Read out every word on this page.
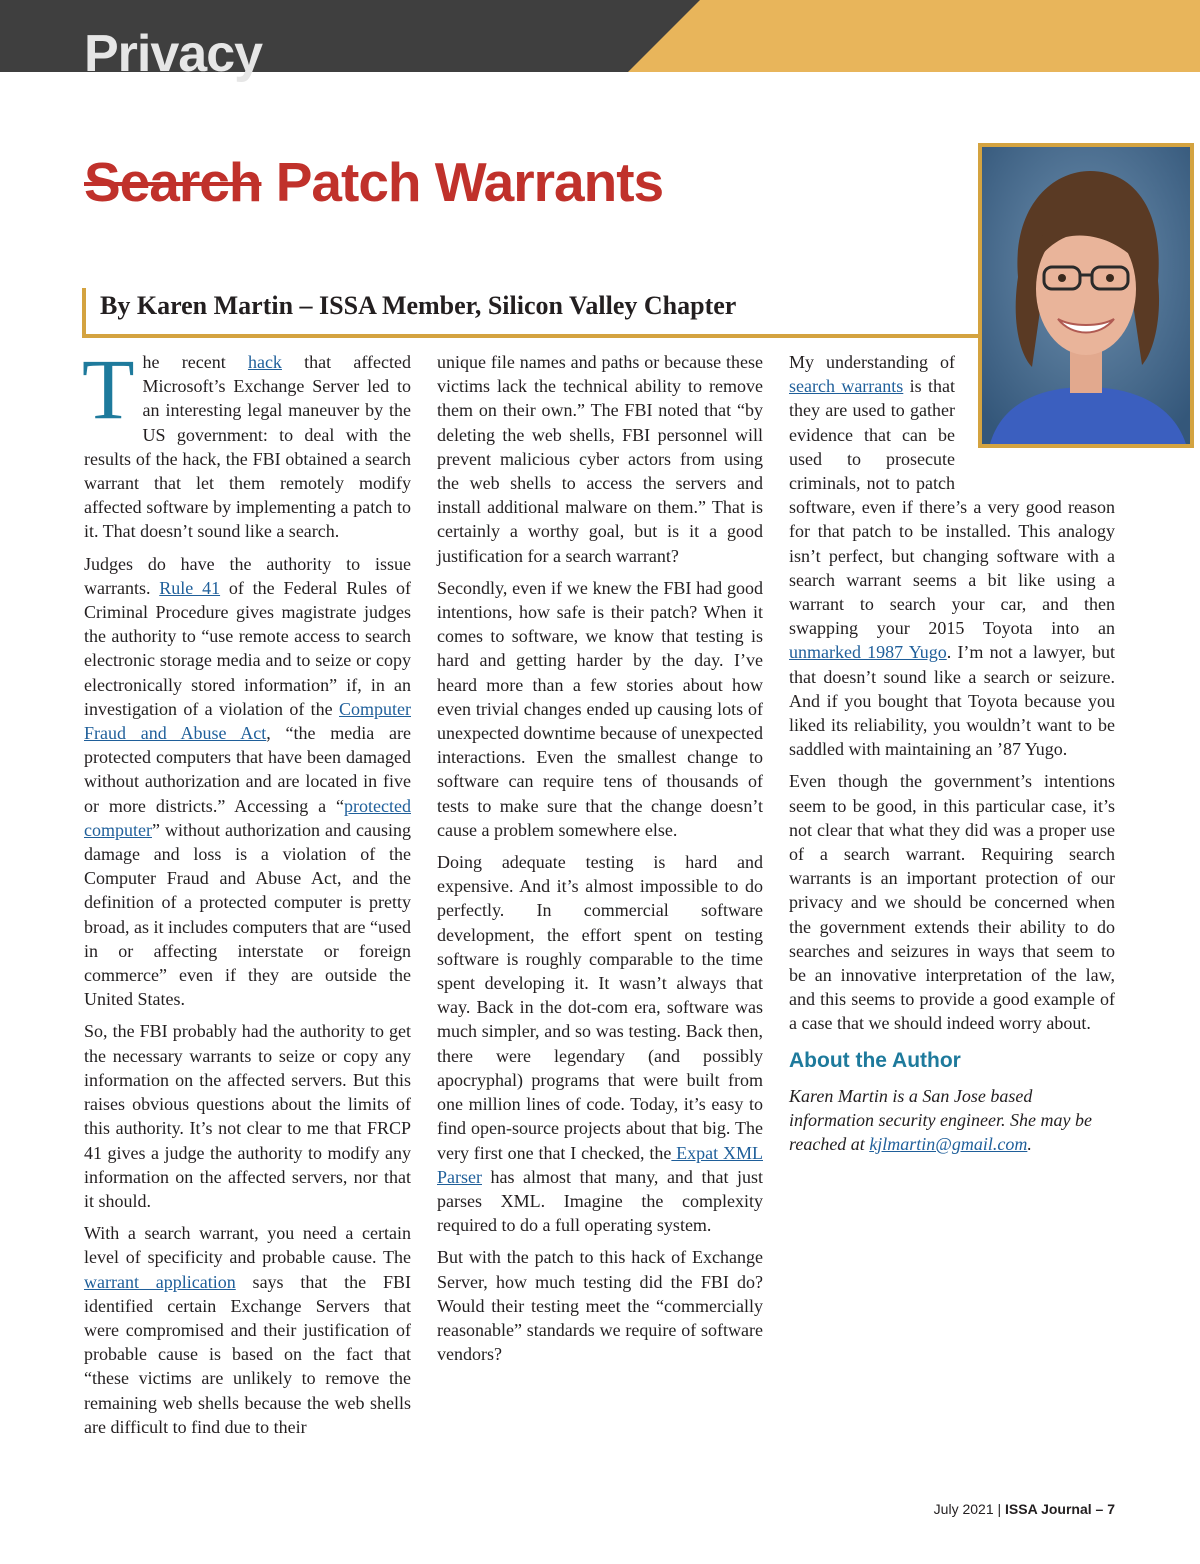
Privacy
Search Patch Warrants

By Karen Martin – ISSA Member, Silicon Valley Chapter

The recent hack that affected Microsoft’s Exchange Server led to an interesting legal maneuver by the US government: to deal with the results of the hack, the FBI obtained a search warrant that let them remotely modify affected software by implementing a patch to it. That doesn’t sound like a search.

Judges do have the authority to issue warrants. Rule 41 of the Federal Rules of Criminal Procedure gives magistrate judges the authority to “use remote access to search electronic storage media and to seize or copy electronically stored information” if, in an investigation of a violation of the Computer Fraud and Abuse Act, “the media are protected computers that have been damaged without authorization and are located in five or more districts.” Accessing a “protected computer” without authorization and causing damage and loss is a violation of the Computer Fraud and Abuse Act, and the definition of a protected computer is pretty broad, as it includes computers that are “used in or affecting interstate or foreign commerce” even if they are outside the United States.

So, the FBI probably had the authority to get the necessary warrants to seize or copy any information on the affected servers. But this raises obvious questions about the limits of this authority. It’s not clear to me that FRCP 41 gives a judge the authority to modify any information on the affected servers, nor that it should.

With a search warrant, you need a certain level of specificity and probable cause. The warrant application says that the FBI identified certain Exchange Servers that were compromised and their justification of probable cause is based on the fact that “these victims are unlikely to remove the remaining web shells because the web shells are difficult to find due to their

unique file names and paths or because these victims lack the technical ability to remove them on their own.” The FBI noted that “by deleting the web shells, FBI personnel will prevent malicious cyber actors from using the web shells to access the servers and install additional malware on them.” That is certainly a worthy goal, but is it a good justification for a search warrant?

Secondly, even if we knew the FBI had good intentions, how safe is their patch? When it comes to software, we know that testing is hard and getting harder by the day. I’ve heard more than a few stories about how even trivial changes ended up causing lots of unexpected downtime because of unexpected interactions. Even the smallest change to software can require tens of thousands of tests to make sure that the change doesn’t cause a problem somewhere else.

Doing adequate testing is hard and expensive. And it’s almost impossible to do perfectly. In commercial software development, the effort spent on testing software is roughly comparable to the time spent developing it. It wasn’t always that way. Back in the dot-com era, software was much simpler, and so was testing. Back then, there were legendary (and possibly apocryphal) programs that were built from one million lines of code. Today, it’s easy to find open-source projects about that big. The very first one that I checked, the Expat XML Parser has almost that many, and that just parses XML. Imagine the complexity required to do a full operating system.

But with the patch to this hack of Exchange Server, how much testing did the FBI do? Would their testing meet the “commercially reasonable” standards we require of software vendors?

My understanding of search warrants is that they are used to gather evidence that can be used to prosecute criminals, not to patch software, even if there’s a very good reason for that patch to be installed. This analogy isn’t perfect, but changing software with a search warrant seems a bit like using a warrant to search your car, and then swapping your 2015 Toyota into an unmarked 1987 Yugo. I’m not a lawyer, but that doesn’t sound like a search or seizure. And if you bought that Toyota because you liked its reliability, you wouldn’t want to be saddled with maintaining an ’87 Yugo.

Even though the government’s intentions seem to be good, in this particular case, it’s not clear that what they did was a proper use of a search warrant. Requiring search warrants is an important protection of our privacy and we should be concerned when the government extends their ability to do searches and seizures in ways that seem to be an innovative interpretation of the law, and this seems to provide a good example of a case that we should indeed worry about.

About the Author

Karen Martin is a San Jose based information security engineer. She may be reached at kjlmartin@gmail.com.

July 2021 | ISSA Journal – 7
